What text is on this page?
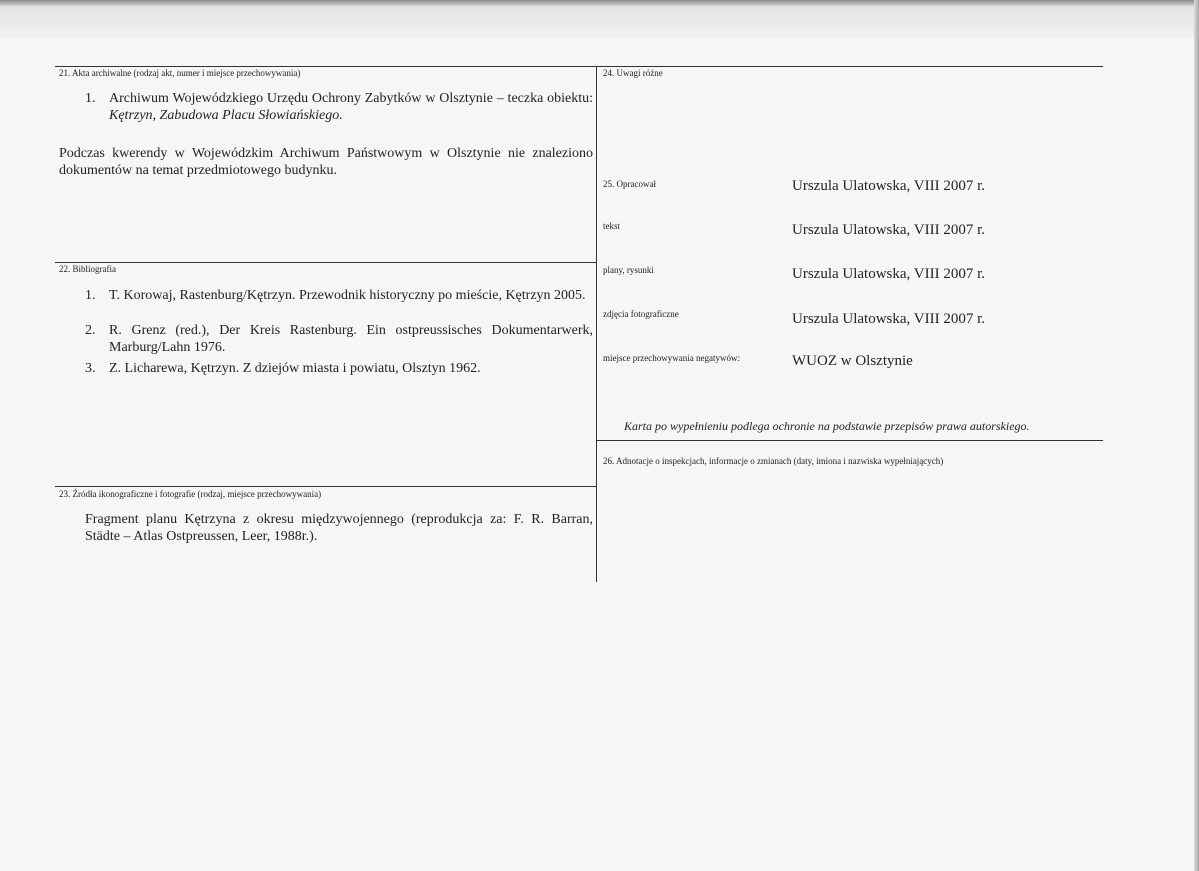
21. Akta archiwalne (rodzaj akt, numer i miejsce przechowywania)
1. Archiwum Wojewódzkiego Urzędu Ochrony Zabytków w Olsztynie – teczka obiektu: Kętrzyn, Zabudowa Placu Słowiańskiego.
Podczas kwerendy w Wojewódzkim Archiwum Państwowym w Olsztynie nie znaleziono dokumentów na temat przedmiotowego budynku.
22. Bibliografia
1. T. Korowaj, Rastenburg/Kętrzyn. Przewodnik historyczny po mieście, Kętrzyn 2005.
2. R. Grenz (red.), Der Kreis Rastenburg. Ein ostpreussisches Dokumentarwerk, Marburg/Lahn 1976.
3. Z. Licharewa, Kętrzyn. Z dziejów miasta i powiatu, Olsztyn 1962.
23. Źródła ikonograficzne i fotografie (rodzaj, miejsce przechowywania)
Fragment planu Kętrzyna z okresu międzywojennego (reprodukcja za: F. R. Barran, Städte – Atlas Ostpreussen, Leer, 1988r.).
24. Uwagi różne
25. Opracował	Urszula Ulatowska, VIII 2007 r.
tekst	Urszula Ulatowska, VIII 2007 r.
plany, rysunki	Urszula Ulatowska, VIII 2007 r.
zdjęcia fotograficzne	Urszula Ulatowska, VIII 2007 r.
miejsce przechowywania negatywów:	WUOZ w Olsztynie
Karta po wypełnieniu podlega ochronie na podstawie przepisów prawa autorskiego.
26. Adnotacje o inspekcjach, informacje o zmianach (daty, imiona i nazwiska wypełniających)
